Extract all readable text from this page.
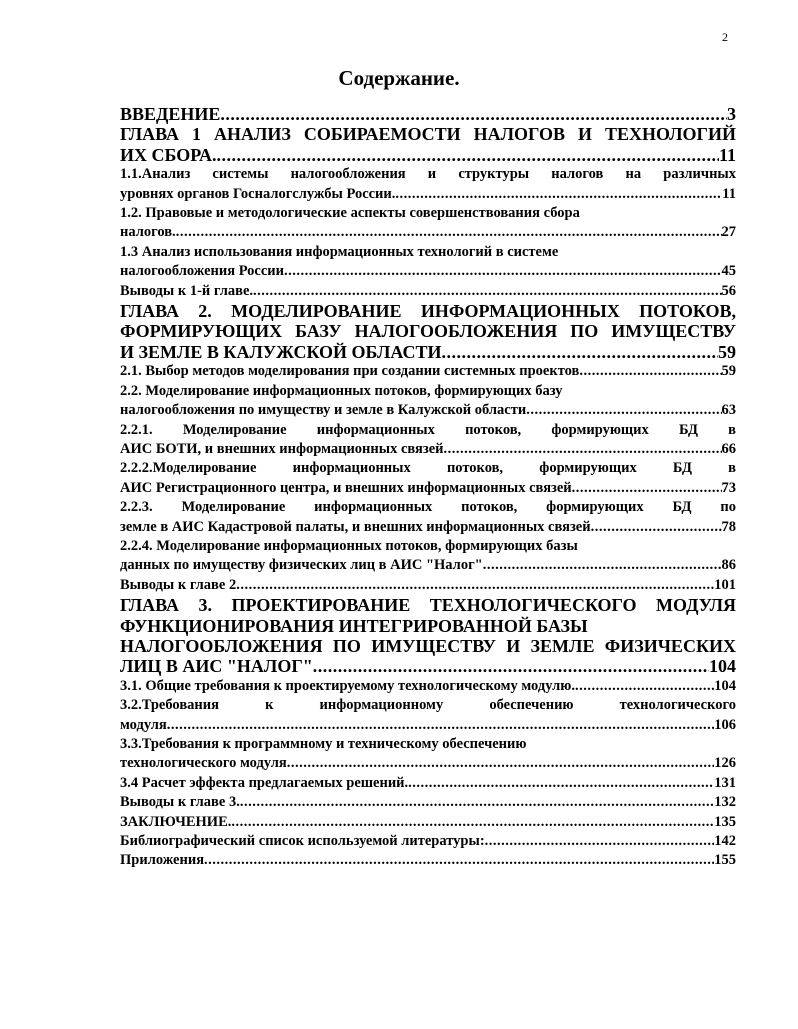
2
Содержание.
ВВЕДЕНИЕ .....	3
ГЛАВА 1 АНАЛИЗ СОБИРАЕМОСТИ НАЛОГОВ И ТЕХНОЛОГИЙ
ИХ СБОРА. .....	11
1.1.Анализ системы налогообложения и структуры налогов на различных
уровнях органов Госналогслужбы России. .....	11
1.2. Правовые и методологические аспекты совершенствования сбора
налогов. .....	27
1.3 Анализ использования информационных технологий в системе
налогообложения России .....	45
Выводы к 1-й главе. .....	56
ГЛАВА 2. МОДЕЛИРОВАНИЕ ИНФОРМАЦИОННЫХ ПОТОКОВ,
ФОРМИРУЮЩИХ БАЗУ НАЛОГООБЛОЖЕНИЯ ПО ИМУЩЕСТВУ
И ЗЕМЛЕ В КАЛУЖСКОЙ ОБЛАСТИ .....	59
2.1. Выбор методов моделирования при создании системных проектов .....	59
2.2. Моделирование информационных потоков, формирующих базу
налогообложения по имуществу и земле в Калужской области .....	63
2.2.1. Моделирование информационных потоков, формирующих БД в
АИС БОТИ, и внешних информационных связей .....	66
2.2.2.Моделирование информационных потоков, формирующих БД в
АИС Регистрационного центра, и внешних информационных связей .....	73
2.2.3. Моделирование информационных потоков, формирующих БД по
земле в АИС Кадастровой палаты, и внешних информационных связей .....	78
2.2.4. Моделирование информационных потоков, формирующих базы
данных по имуществу физических лиц в АИС "Налог" .....	86
Выводы к главе 2 .....	101
ГЛАВА 3. ПРОЕКТИРОВАНИЕ ТЕХНОЛОГИЧЕСКОГО МОДУЛЯ
ФУНКЦИОНИРОВАНИЯ ИНТЕГРИРОВАННОЙ БАЗЫ
НАЛОГООБЛОЖЕНИЯ ПО ИМУЩЕСТВУ И ЗЕМЛЕ ФИЗИЧЕСКИХ
ЛИЦ В АИС "НАЛОГ" .....	104
3.1. Общие требования к проектируемому технологическому модулю. .....	104
3.2.Требования к информационному обеспечению технологического
модуля .....	106
3.3.Требования к программному и техническому обеспечению
технологического модуля .....	126
3.4 Расчет эффекта предлагаемых решений. .....	131
Выводы к главе 3. .....	132
ЗАКЛЮЧЕНИЕ. .....	135
Библиографический список используемой литературы: .....	142
Приложения .....	155
